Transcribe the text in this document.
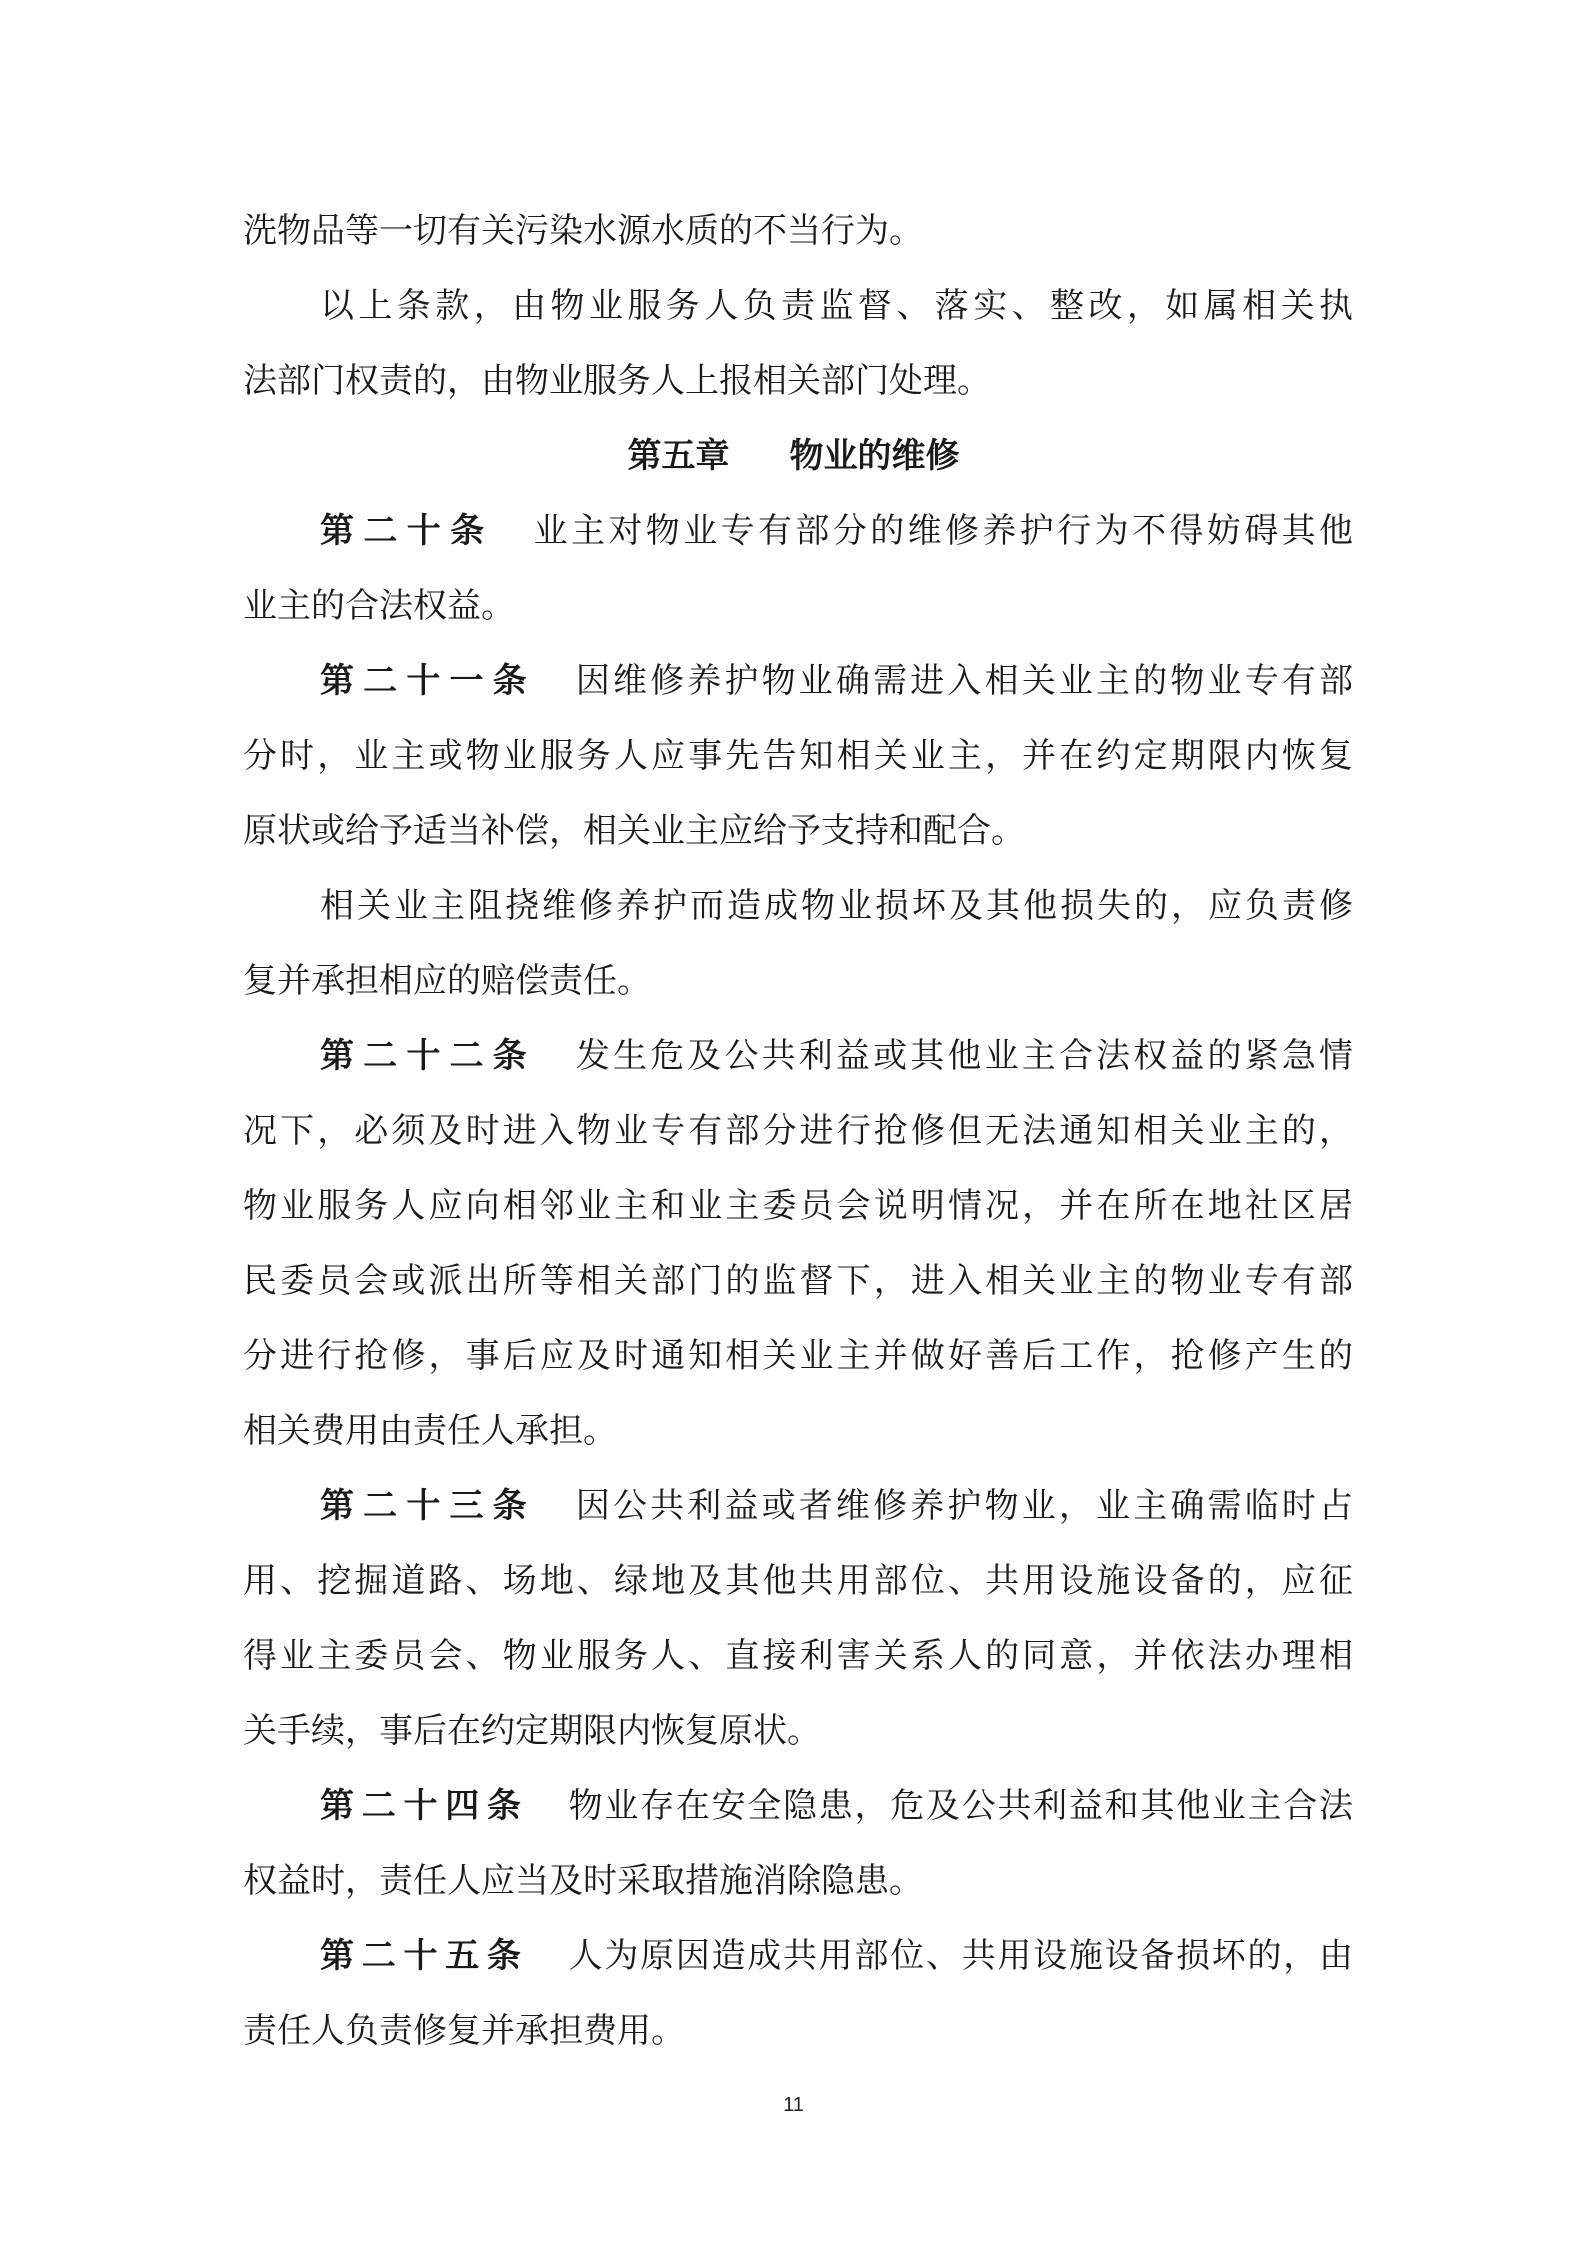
洗物品等一切有关污染水源水质的不当行为。
以上条款，由物业服务人负责监督、落实、整改，如属相关执
法部门权责的，由物业服务人上报相关部门处理。
第五章 物业的维修
第二十条 业主对物业专有部分的维修养护行为不得妨碍其他
业主的合法权益。
第二十一条 因维修养护物业确需进入相关业主的物业专有部
分时，业主或物业服务人应事先告知相关业主，并在约定期限内恢复
原状或给予适当补偿，相关业主应给予支持和配合。
相关业主阻挠维修养护而造成物业损坏及其他损失的，应负责修
复并承担相应的赔偿责任。
第二十二条 发生危及公共利益或其他业主合法权益的紧急情
况下，必须及时进入物业专有部分进行抢修但无法通知相关业主的，
物业服务人应向相邻业主和业主委员会说明情况，并在所在地社区居
民委员会或派出所等相关部门的监督下，进入相关业主的物业专有部
分进行抢修，事后应及时通知相关业主并做好善后工作，抢修产生的
相关费用由责任人承担。
第二十三条 因公共利益或者维修养护物业，业主确需临时占
用、挖掘道路、场地、绿地及其他共用部位、共用设施设备的，应征
得业主委员会、物业服务人、直接利害关系人的同意，并依法办理相
关手续，事后在约定期限内恢复原状。
第二十四条 物业存在安全隐患，危及公共利益和其他业主合法
权益时，责任人应当及时采取措施消除隐患。
第二十五条 人为原因造成共用部位、共用设施设备损坏的，由
责任人负责修复并承担费用。
11
